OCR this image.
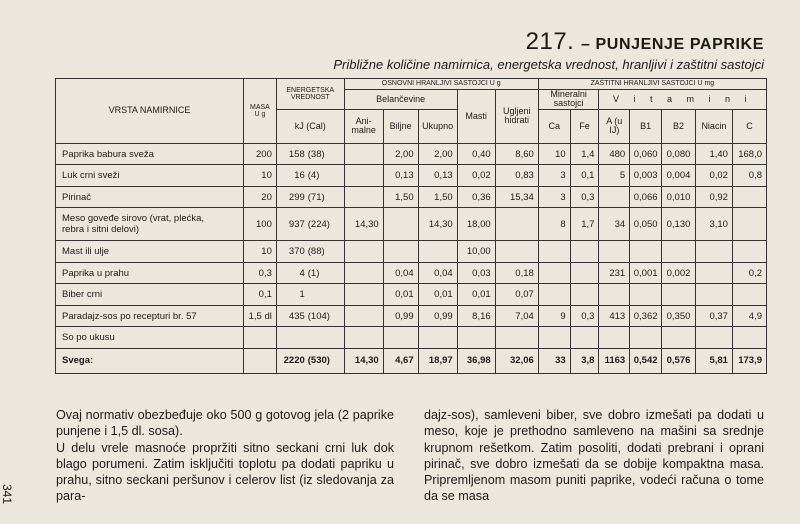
217. – PUNJENJE PAPRIKE
Približne količine namirnica, energetska vrednost, hranljivi i zaštitni sastojci
VRSTA NAMIRNICE	MASA
U g	ENERGETSKA VREDNOST	OSNOVNI HRANLJIVI SASTOJCI U g					ZAŠTITNI HRANLJIVI SASTOJCI U mg						
			Belančevine			Masti	Ugljeni hidrati	Mineralni sastojci		V i t a m i n i				
		kJ (Cal)	Ani- malne	Biljne	Ukupno			Ca	Fe	A (u IJ)	B1	B2	Niacin	C
Paprika babura sveža	200	158 (38)		2,00	2,00	0,40	8,60	10	1,4	480	0,060	0,080	1,40	168,0
Luk crni sveži	10	16 (4)		0,13	0,13	0,02	0,83	3	0,1	5	0,003	0,004	0,02	0,8
Pirinač	20	299 (71)		1,50	1,50	0,36	15,34	3	0,3		0,066	0,010	0,92	
Meso goveđe sirovo (vrat, plećka,
rebra i sitni delovi)	100	937 (224)	14,30		14,30	18,00		8	1,7	34	0,050	0,130	3,10	
Mast ili ulje	10	370 (88)				10,00								
Paprika u prahu	0,3	4 (1)		0,04	0,04	0,03	0,18			231	0,001	0,002		0,2
Biber crni	0,1	1		0,01	0,01	0,01	0,07							
Paradajz-sos po recepturi br. 57	1,5 dl	435 (104)		0,99	0,99	8,16	7,04	9	0,3	413	0,362	0,350	0,37	4,9
So po ukusu														
Svega:		2220 (530)	14,30	4,67	18,97	36,98	32,06	33	3,8	1163	0,542	0,576	5,81	173,9

Ovaj normativ obezbeđuje oko 500 g gotovog jela (2 paprike punjene i 1,5 dl. sosa).

U delu vrele masnoće propržiti sitno seckani crni luk dok blago porumeni. Zatim isključiti toplotu pa dodati papriku u prahu, sitno seckani peršunov i celerov list (iz sledovanja za para-

dajz-sos), samleveni biber, sve dobro izmešati pa dodati u meso, koje je prethodno samleveno na mašini sa srednje krupnom rešetkom. Zatim posoliti, dodati prebrani i oprani pirinač, sve dobro izmešati da se dobije kompaktna masa. Pripremljenom masom puniti paprike, vodeći računa o tome da se masa

341
